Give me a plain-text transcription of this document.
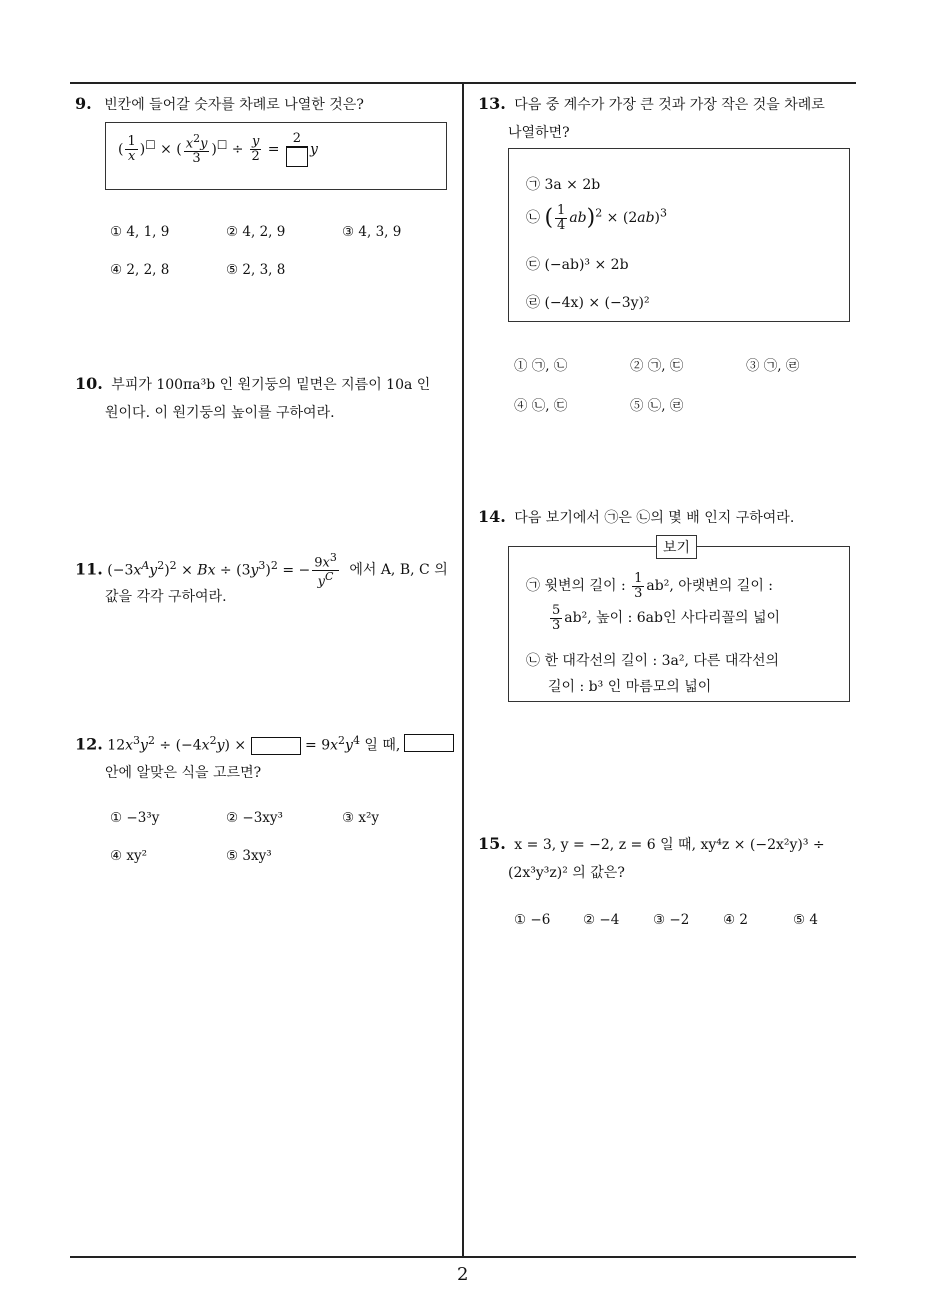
9. 빈칸에 들어갈 숫자를 차례로 나열한 것은?
( $\frac{1}{x} )^□$ × ( $\frac{x^2y}{3} )^□ \div \frac{y}{2}$ =
2
y
① 4, 1, 9	② 4, 2, 9	③ 4, 3, 9
④ 2, 2, 8	⑤ 2, 3, 8
10. 부피가 100πa³b 인 원기둥의 밑면은 지름이 10a 인
원이다. 이 원기둥의 높이를 구하여라.
11. $(-3x^Ay^2)^2 \times Bx \div (3y^3)^2$ = − $\frac{9x^3}{y^C}$ 에서 A, B, C 의
값을 각각 구하여라.
12. $12x^3y^2 \div (-4x^2y)$ ×	= $9x^2y^4$ 일 때,
안에 알맞은 식을 고르면?
① −3³y	② −3xy³	③ x²y
④ xy²	⑤ 3xy³
13. 다음 중 계수가 가장 큰 것과 가장 작은 것을 차례로
나열하면?
㉠ 3a × 2b
㉡ ( $\frac{1}{4} ab)^2 \times (2ab)^3$
㉢ (−ab)³ × 2b
㉣ (−4x) × (−3y)²
① ㉠, ㉡	② ㉠, ㉢	③ ㉠, ㉣
④ ㉡, ㉢	⑤ ㉡, ㉣
14. 다음 보기에서 ㉠은 ㉡의 몇 배 인지 구하여라.
보기
㉠ 윗변의 길이 : $\frac{1}{3} ab^2$, 아랫변의 길이 :
$\frac{5}{3} ab^2$, 높이 : 6ab인 사다리꼴의 넓이
㉡ 한 대각선의 길이 : 3a², 다른 대각선의
길이 : b³ 인 마름모의 넓이
15. x = 3, y = −2, z = 6 일 때, xy⁴z × (−2x²y)³ ÷
(2x³y³z)² 의 값은?
① −6 ② −4 ③ −2 ④ 2	⑤ 4
2
